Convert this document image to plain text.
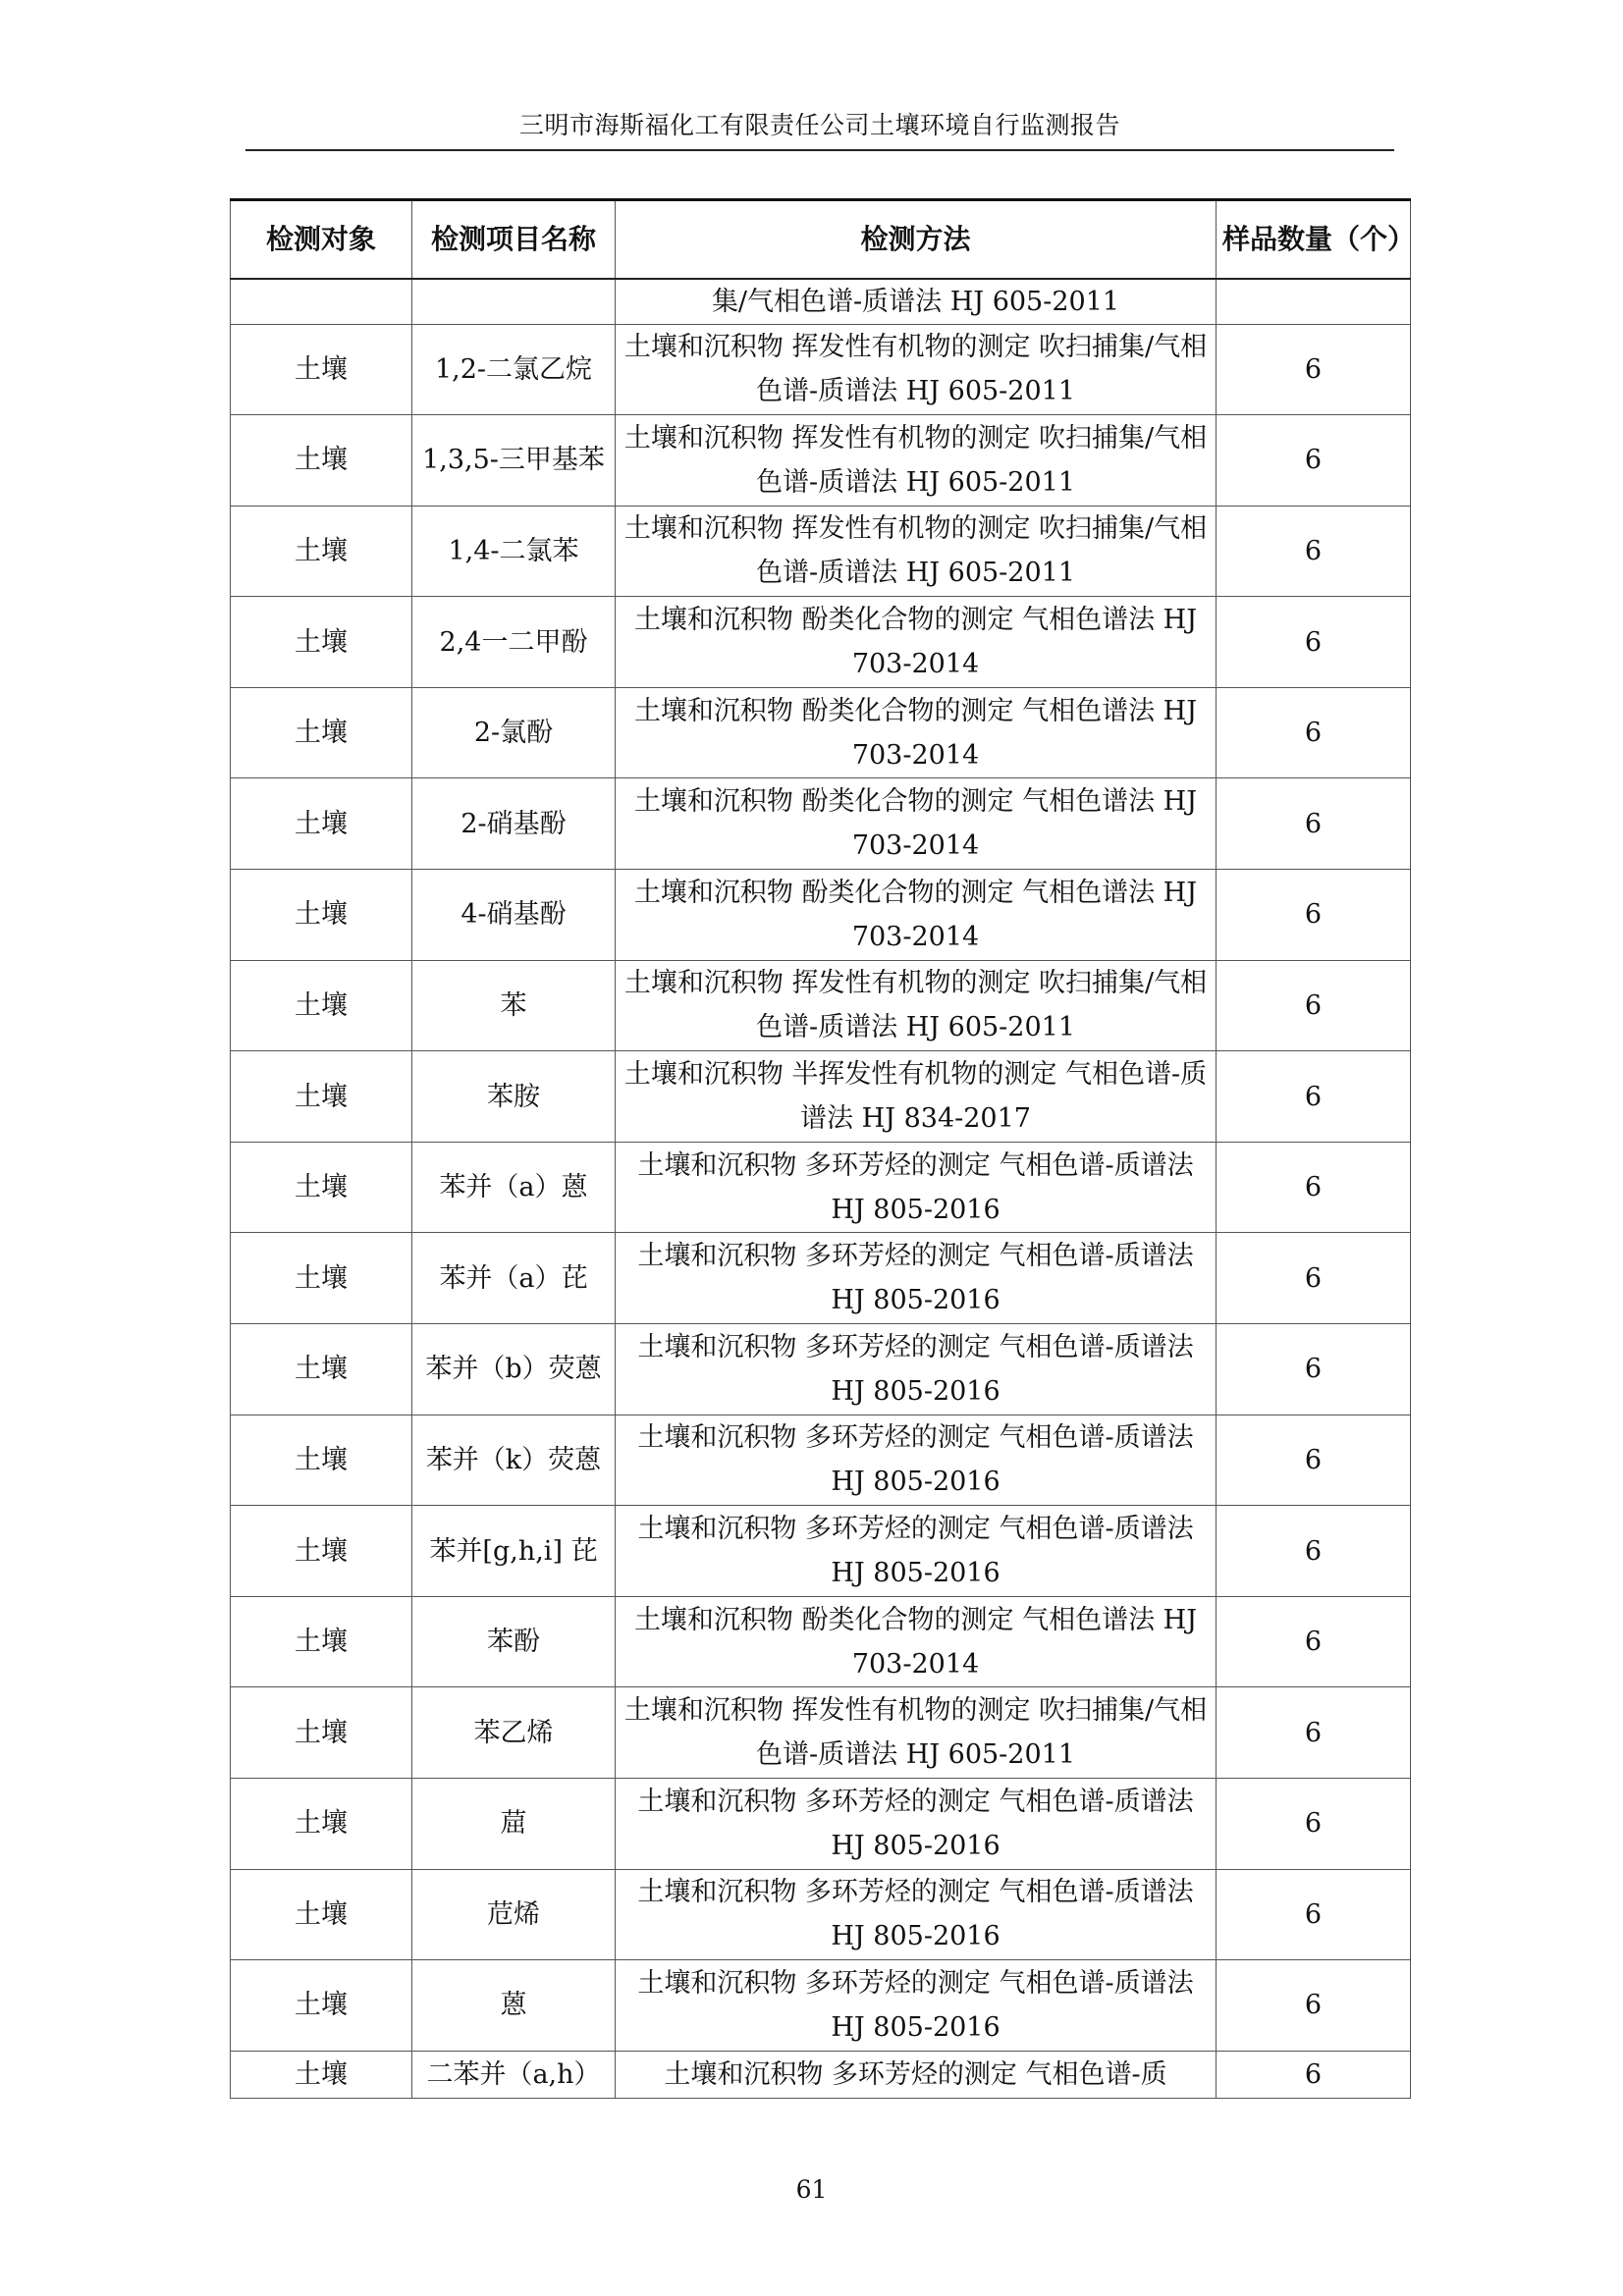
三明市海斯福化工有限责任公司土壤环境自行监测报告
检测对象	检测项目名称	检测方法	样品数量（个）
		集/气相色谱-质谱法 HJ 605-2011	
土壤	1,2-二氯乙烷	土壤和沉积物 挥发性有机物的测定 吹扫捕集/气相色谱-质谱法 HJ 605-2011	6
土壤	1,3,5-三甲基苯	土壤和沉积物 挥发性有机物的测定 吹扫捕集/气相色谱-质谱法 HJ 605-2011	6
土壤	1,4-二氯苯	土壤和沉积物 挥发性有机物的测定 吹扫捕集/气相色谱-质谱法 HJ 605-2011	6
土壤	2,4一二甲酚	土壤和沉积物 酚类化合物的测定 气相色谱法 HJ 703-2014	6
土壤	2-氯酚	土壤和沉积物 酚类化合物的测定 气相色谱法 HJ 703-2014	6
土壤	2-硝基酚	土壤和沉积物 酚类化合物的测定 气相色谱法 HJ 703-2014	6
土壤	4-硝基酚	土壤和沉积物 酚类化合物的测定 气相色谱法 HJ 703-2014	6
土壤	苯	土壤和沉积物 挥发性有机物的测定 吹扫捕集/气相色谱-质谱法 HJ 605-2011	6
土壤	苯胺	土壤和沉积物 半挥发性有机物的测定 气相色谱-质谱法 HJ 834-2017	6
土壤	苯并（a）蒽	土壤和沉积物 多环芳烃的测定 气相色谱-质谱法 HJ 805-2016	6
土壤	苯并（a）芘	土壤和沉积物 多环芳烃的测定 气相色谱-质谱法 HJ 805-2016	6
土壤	苯并（b）荧蒽	土壤和沉积物 多环芳烃的测定 气相色谱-质谱法 HJ 805-2016	6
土壤	苯并（k）荧蒽	土壤和沉积物 多环芳烃的测定 气相色谱-质谱法 HJ 805-2016	6
土壤	苯并[g,h,i] 芘	土壤和沉积物 多环芳烃的测定 气相色谱-质谱法 HJ 805-2016	6
土壤	苯酚	土壤和沉积物 酚类化合物的测定 气相色谱法 HJ 703-2014	6
土壤	苯乙烯	土壤和沉积物 挥发性有机物的测定 吹扫捕集/气相色谱-质谱法 HJ 605-2011	6
土壤	䓛	土壤和沉积物 多环芳烃的测定 气相色谱-质谱法 HJ 805-2016	6
土壤	苊烯	土壤和沉积物 多环芳烃的测定 气相色谱-质谱法 HJ 805-2016	6
土壤	蒽	土壤和沉积物 多环芳烃的测定 气相色谱-质谱法 HJ 805-2016	6
土壤	二苯并（a,h）	土壤和沉积物 多环芳烃的测定 气相色谱-质	6
61
